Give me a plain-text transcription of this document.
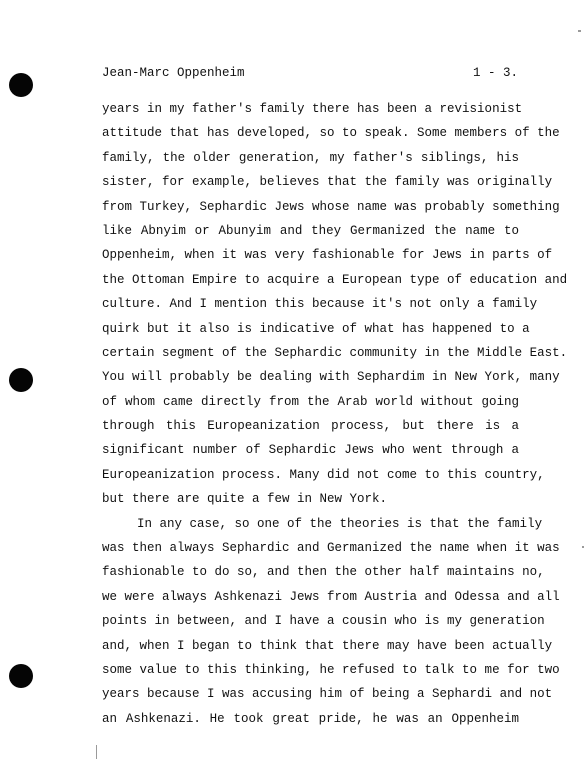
Jean-Marc Oppenheim	1 - 3.
years in my father's family there has been a revisionist
attitude that has developed, so to speak. Some members of the
family, the older generation, my father's siblings, his
sister, for example, believes that the family was originally
from Turkey, Sephardic Jews whose name was probably something
like Abnyim or Abunyim and they Germanized the name to
Oppenheim, when it was very fashionable for Jews in parts of
the Ottoman Empire to acquire a European type of education and
culture. And I mention this because it's not only a family
quirk but it also is indicative of what has happened to a
certain segment of the Sephardic community in the Middle East.
You will probably be dealing with Sephardim in New York, many
of whom came directly from the Arab world without going
through this Europeanization process, but there is a
significant number of Sephardic Jews who went through a
Europeanization process. Many did not come to this country,
but there are quite a few in New York.
In any case, so one of the theories is that the family
was then always Sephardic and Germanized the name when it was
fashionable to do so, and then the other half maintains no,
we were always Ashkenazi Jews from Austria and Odessa and all
points in between, and I have a cousin who is my generation
and, when I began to think that there may have been actually
some value to this thinking, he refused to talk to me for two
years because I was accusing him of being a Sephardi and not
an Ashkenazi. He took great pride, he was an Oppenheim
